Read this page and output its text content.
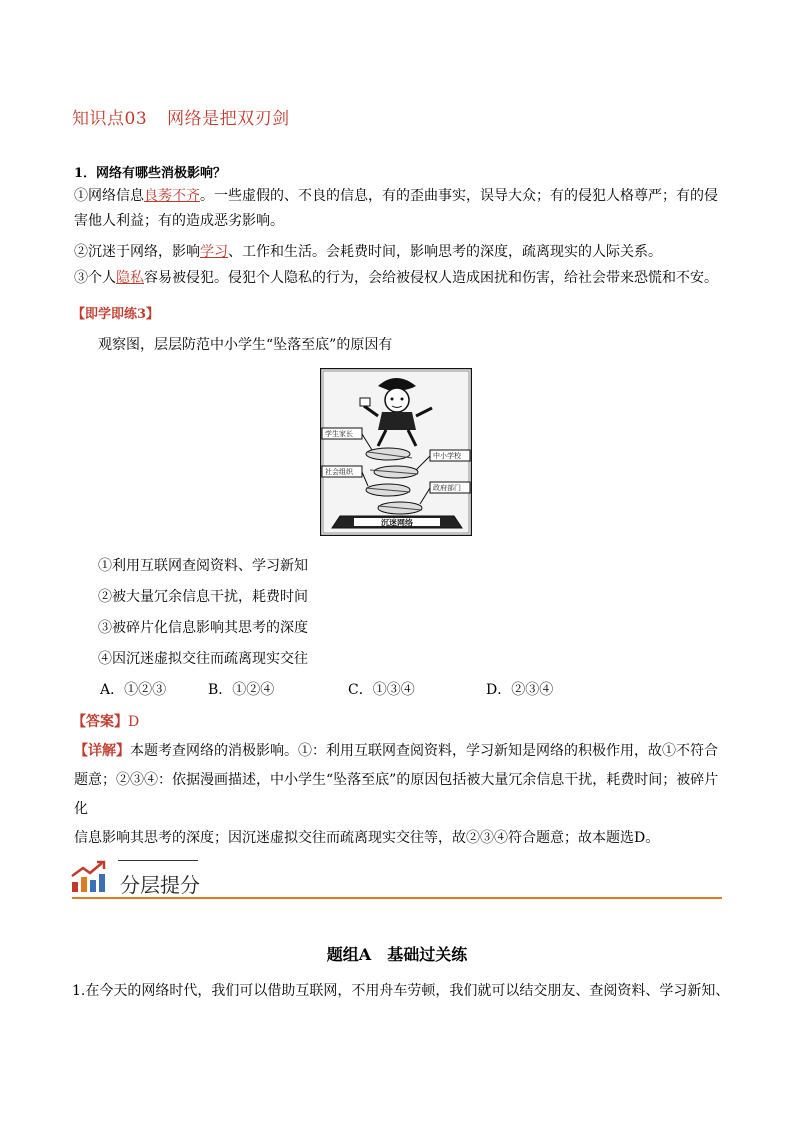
知识点03 网络是把双刃剑
1．网络有哪些消极影响？
①网络信息良莠不齐。一些虚假的、不良的信息，有的歪曲事实，误导大众；有的侵犯人格尊严；有的侵
害他人利益；有的造成恶劣影响。
②沉迷于网络，影响学习、工作和生活。会耗费时间，影响思考的深度，疏离现实的人际关系。
③个人隐私容易被侵犯。侵犯个人隐私的行为，会给被侵权人造成困扰和伤害，给社会带来恐慌和不安。
【即学即练3】
观察图，层层防范中小学生“坠落至底”的原因有
学生家长
中小学校
社会组织
政府部门
沉迷网络
①利用互联网查阅资料、学习新知
②被大量冗余信息干扰，耗费时间
③被碎片化信息影响其思考的深度
④因沉迷虚拟交往而疏离现实交往
A．①②③	B．①②④	C．①③④	D．②③④
【答案】D
【详解】本题考查网络的消极影响。①：利用互联网查阅资料，学习新知是网络的积极作用，故①不符合
题意；②③④：依据漫画描述，中小学生“坠落至底”的原因包括被大量冗余信息干扰，耗费时间；被碎片化
信息影响其思考的深度；因沉迷虚拟交往而疏离现实交往等，故②③④符合题意；故本题选D。
分层提分
题组A　基础过关练
1.在今天的网络时代，我们可以借助互联网，不用舟车劳顿，我们就可以结交朋友、查阅资料、学习新知、
